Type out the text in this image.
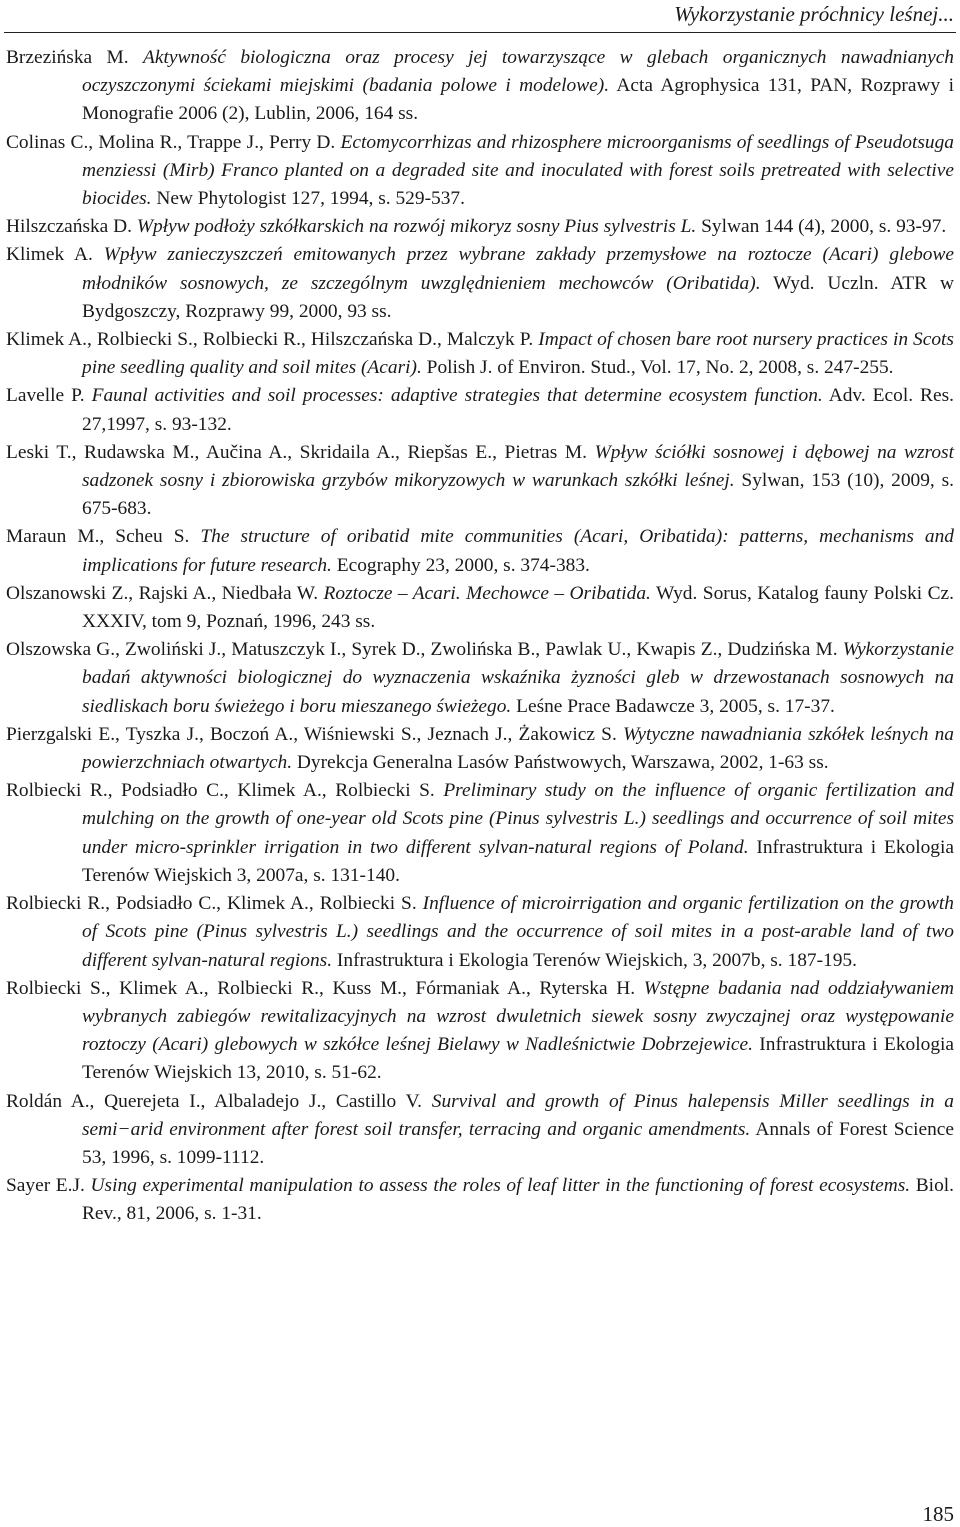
Wykorzystanie próchnicy leśnej...
Brzezińska M. Aktywność biologiczna oraz procesy jej towarzyszące w glebach organicznych nawadnianych oczyszczonymi ściekami miejskimi (badania polowe i modelowe). Acta Agrophysica 131, PAN, Rozprawy i Monografie 2006 (2), Lublin, 2006, 164 ss.
Colinas C., Molina R., Trappe J., Perry D. Ectomycorrhizas and rhizosphere microorganisms of seedlings of Pseudotsuga menziessi (Mirb) Franco planted on a degraded site and inoculated with forest soils pretreated with selective biocides. New Phytologist 127, 1994, s. 529-537.
Hilszczańska D. Wpływ podłoży szkółkarskich na rozwój mikoryz sosny Pius sylvestris L. Sylwan 144 (4), 2000, s. 93-97.
Klimek A. Wpływ zanieczyszczeń emitowanych przez wybrane zakłady przemysłowe na roztocze (Acari) glebowe młodników sosnowych, ze szczególnym uwzględnieniem mechowców (Oribatida). Wyd. Uczln. ATR w Bydgoszczy, Rozprawy 99, 2000, 93 ss.
Klimek A., Rolbiecki S., Rolbiecki R., Hilszczańska D., Malczyk P. Impact of chosen bare root nursery practices in Scots pine seedling quality and soil mites (Acari). Polish J. of Environ. Stud., Vol. 17, No. 2, 2008, s. 247-255.
Lavelle P. Faunal activities and soil processes: adaptive strategies that determine ecosystem function. Adv. Ecol. Res. 27,1997, s. 93-132.
Leski T., Rudawska M., Aučina A., Skridaila A., Riepšas E., Pietras M. Wpływ ściółki sosnowej i dębowej na wzrost sadzonek sosny i zbiorowiska grzybów mikoryzowych w warunkach szkółki leśnej. Sylwan, 153 (10), 2009, s. 675-683.
Maraun M., Scheu S. The structure of oribatid mite communities (Acari, Oribatida): patterns, mechanisms and implications for future research. Ecography 23, 2000, s. 374-383.
Olszanowski Z., Rajski A., Niedbała W. Roztocze – Acari. Mechowce – Oribatida. Wyd. Sorus, Katalog fauny Polski Cz. XXXIV, tom 9, Poznań, 1996, 243 ss.
Olszowska G., Zwoliński J., Matuszczyk I., Syrek D., Zwolińska B., Pawlak U., Kwapis Z., Dudzińska M. Wykorzystanie badań aktywności biologicznej do wyznaczenia wskaźnika żyzności gleb w drzewostanach sosnowych na siedliskach boru świeżego i boru mieszanego świeżego. Leśne Prace Badawcze 3, 2005, s. 17-37.
Pierzgalski E., Tyszka J., Boczoń A., Wiśniewski S., Jeznach J., Żakowicz S. Wytyczne nawadniania szkółek leśnych na powierzchniach otwartych. Dyrekcja Generalna Lasów Państwowych, Warszawa, 2002, 1-63 ss.
Rolbiecki R., Podsiadło C., Klimek A., Rolbiecki S. Preliminary study on the influence of organic fertilization and mulching on the growth of one-year old Scots pine (Pinus sylvestris L.) seedlings and occurrence of soil mites under micro-sprinkler irrigation in two different sylvan-natural regions of Poland. Infrastruktura i Ekologia Terenów Wiejskich 3, 2007a, s. 131-140.
Rolbiecki R., Podsiadło C., Klimek A., Rolbiecki S. Influence of microirrigation and organic fertilization on the growth of Scots pine (Pinus sylvestris L.) seedlings and the occurrence of soil mites in a post-arable land of two different sylvan-natural regions. Infrastruktura i Ekologia Terenów Wiejskich, 3, 2007b, s. 187-195.
Rolbiecki S., Klimek A., Rolbiecki R., Kuss M., Fórmaniak A., Ryterska H. Wstępne badania nad oddziaływaniem wybranych zabiegów rewitalizacyjnych na wzrost dwuletnich siewek sosny zwyczajnej oraz występowanie roztoczy (Acari) glebowych w szkółce leśnej Bielawy w Nadleśnictwie Dobrzejewice. Infrastruktura i Ekologia Terenów Wiejskich 13, 2010, s. 51-62.
Roldán A., Querejeta I., Albaladejo J., Castillo V. Survival and growth of Pinus halepensis Miller seedlings in a semi−arid environment after forest soil transfer, terracing and organic amendments. Annals of Forest Science 53, 1996, s. 1099-1112.
Sayer E.J. Using experimental manipulation to assess the roles of leaf litter in the functioning of forest ecosystems. Biol. Rev., 81, 2006, s. 1-31.
185
